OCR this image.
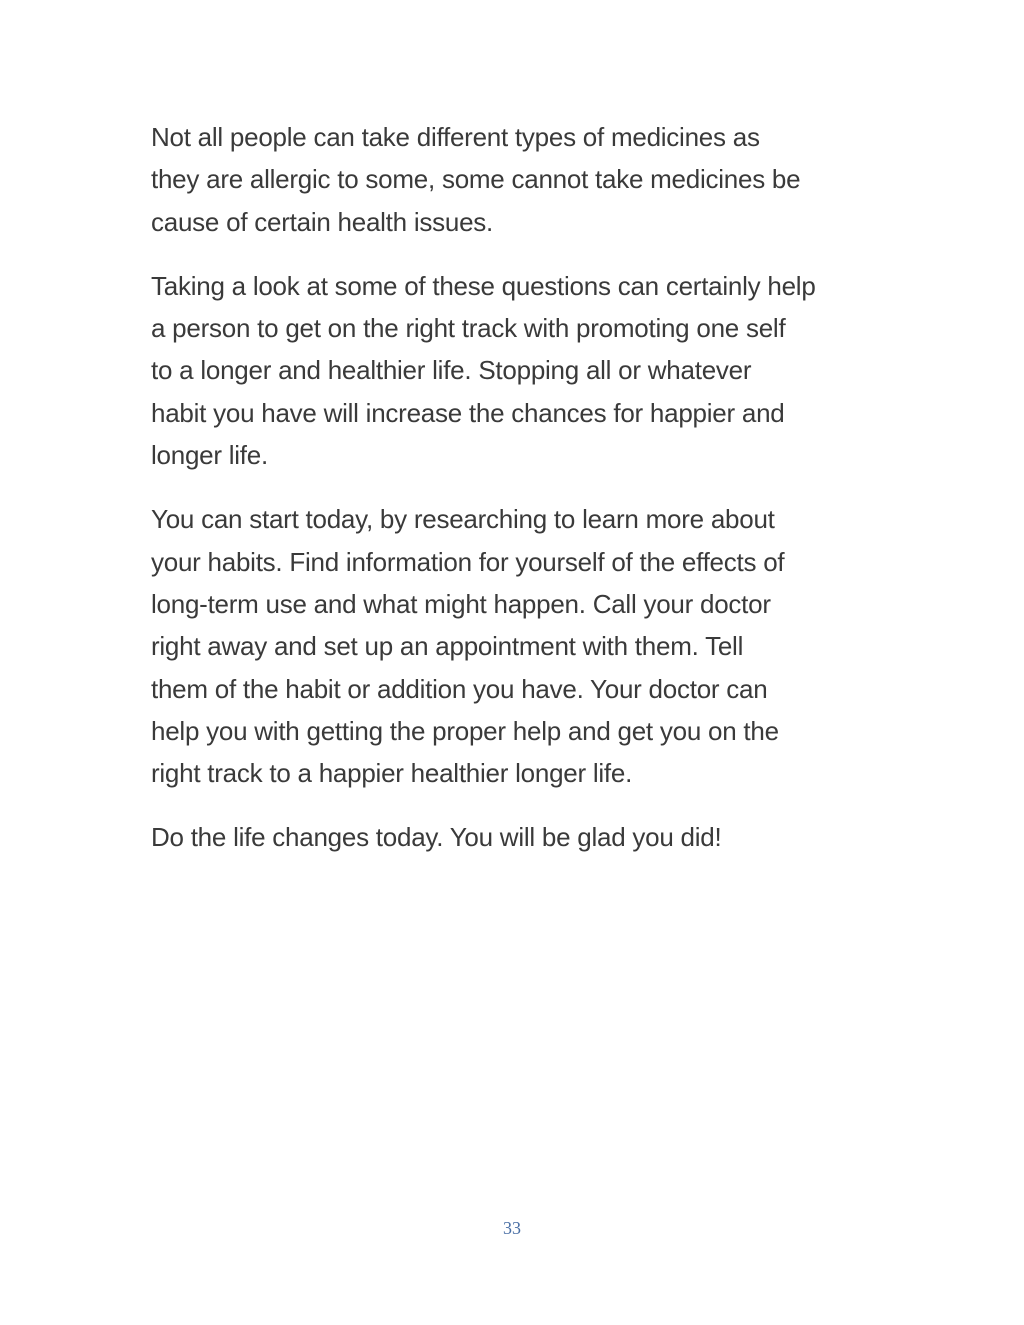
Not all people can take different types of medicines as
they are allergic to some, some cannot take medicines be
cause of certain health issues.

Taking a look at some of these questions can certainly help
a person to get on the right track with promoting one self
to a longer and healthier life. Stopping all or whatever
habit you have will increase the chances for happier and
longer life.

You can start today, by researching to learn more about
your habits. Find information for yourself of the effects of
long-term use and what might happen. Call your doctor
right away and set up an appointment with them. Tell
them of the habit or addition you have. Your doctor can
help you with getting the proper help and get you on the
right track to a happier healthier longer life.

Do the life changes today. You will be glad you did!

33
